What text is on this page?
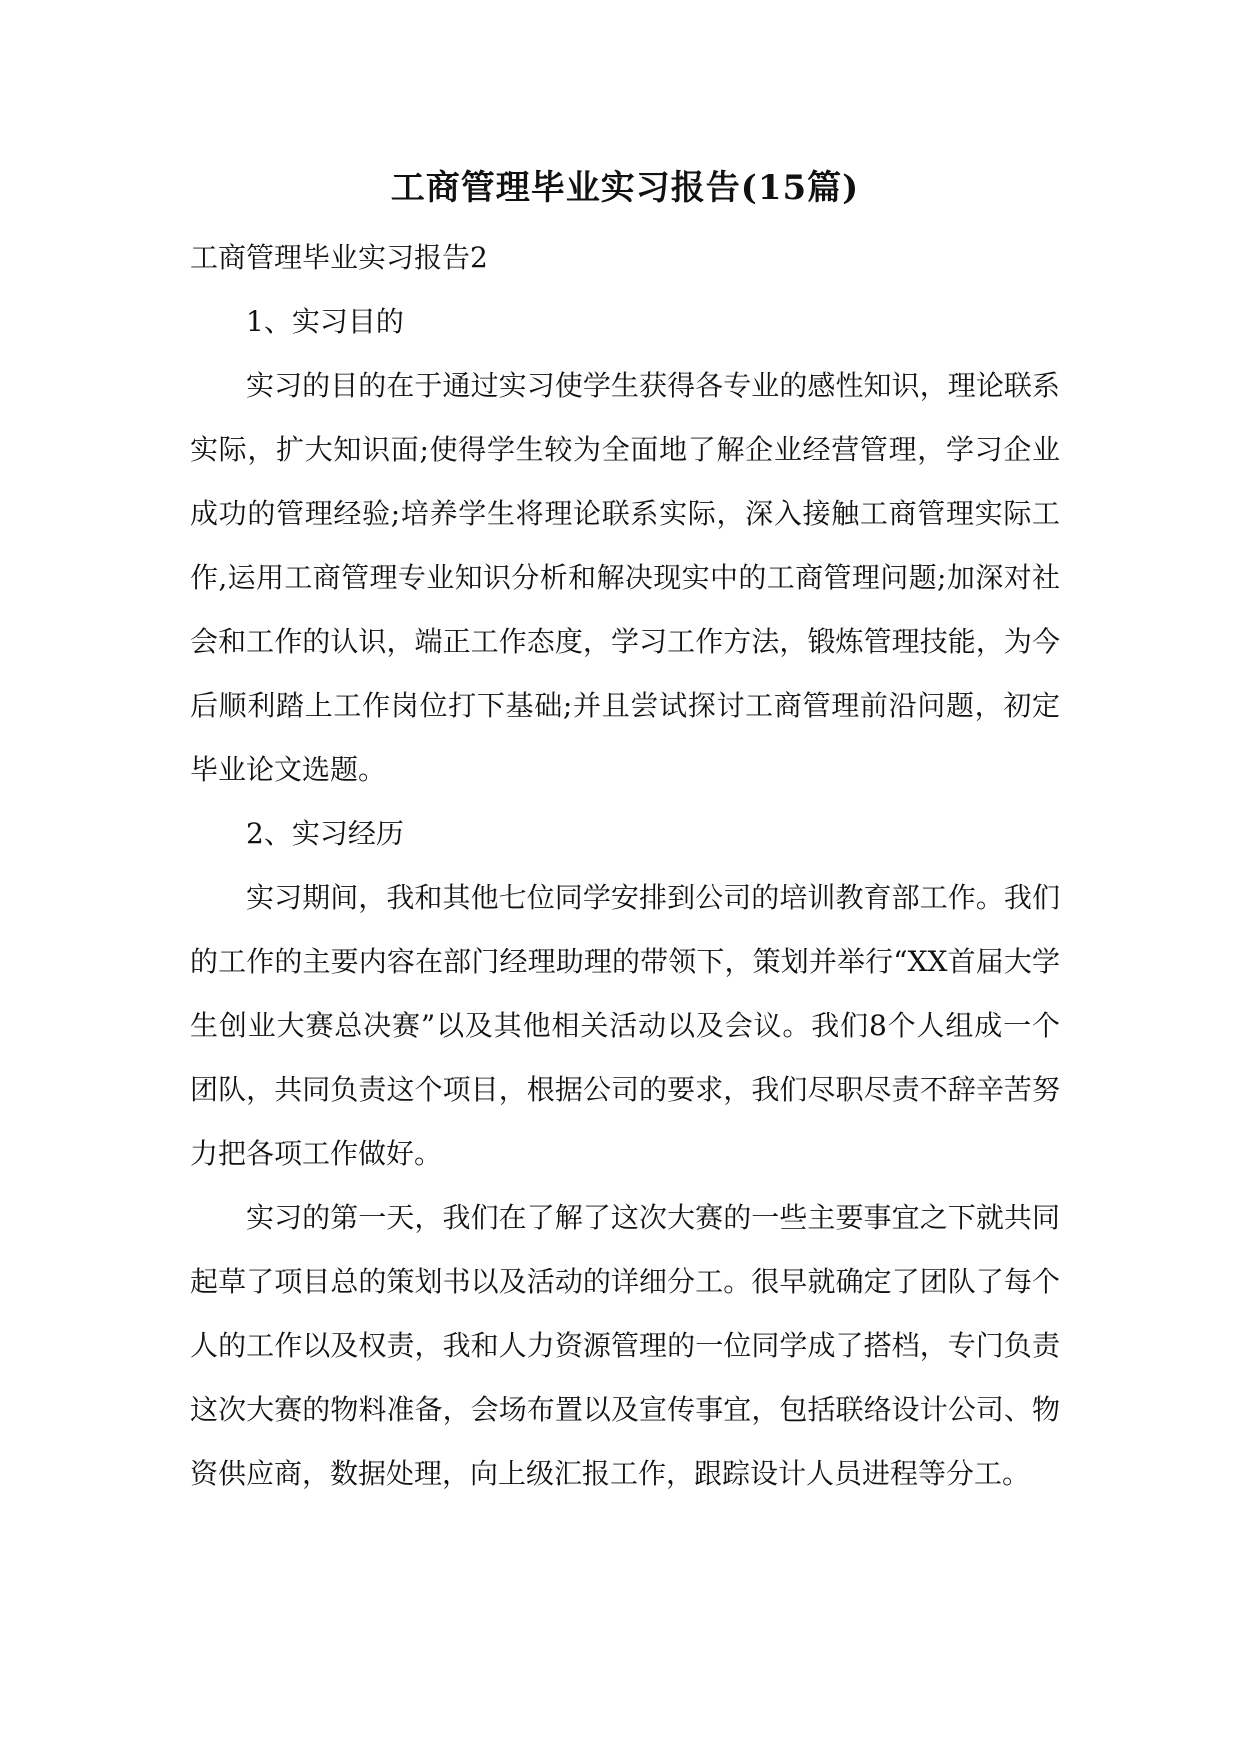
工商管理毕业实习报告(15篇)

工商管理毕业实习报告2

1、实习目的

实习的目的在于通过实习使学生获得各专业的感性知识，理论联系实际，扩大知识面;使得学生较为全面地了解企业经营管理，学习企业成功的管理经验;培养学生将理论联系实际，深入接触工商管理实际工作,运用工商管理专业知识分析和解决现实中的工商管理问题;加深对社会和工作的认识，端正工作态度，学习工作方法，锻炼管理技能，为今后顺利踏上工作岗位打下基础;并且尝试探讨工商管理前沿问题，初定毕业论文选题。

2、实习经历

实习期间，我和其他七位同学安排到公司的培训教育部工作。我们的工作的主要内容在部门经理助理的带领下，策划并举行“XX首届大学生创业大赛总决赛”以及其他相关活动以及会议。我们8个人组成一个团队，共同负责这个项目，根据公司的要求，我们尽职尽责不辞辛苦努力把各项工作做好。

实习的第一天，我们在了解了这次大赛的一些主要事宜之下就共同起草了项目总的策划书以及活动的详细分工。很早就确定了团队了每个人的工作以及权责，我和人力资源管理的一位同学成了搭档，专门负责这次大赛的物料准备，会场布置以及宣传事宜，包括联络设计公司、物资供应商，数据处理，向上级汇报工作，跟踪设计人员进程等分工。
